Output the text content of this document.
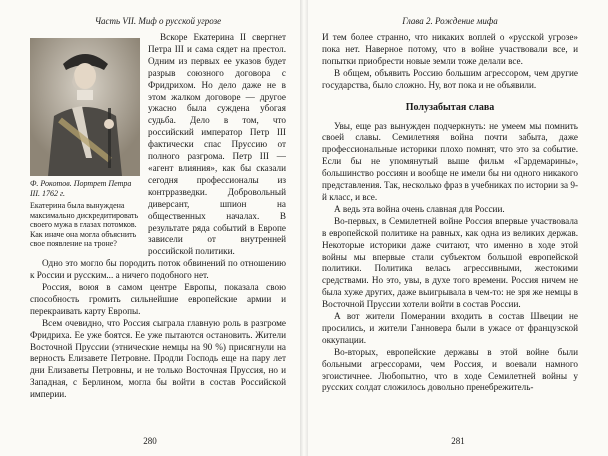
Часть VII. Миф о русской угрозе
Ф. Рокотов. Портрет Петра III. 1762 г.
Екатерина была вынуждена максимально дискредитировать своего мужа в глазах потомков. Как иначе она могла объяснить свое появление на троне?

Вскоре Екатерина II свергнет Петра III и сама сядет на престол. Одним из первых ее указов будет разрыв союзного договора с Фридрихом. Но дело даже не в этом жалком договоре — другое ужасно была суждена убогая судьба. Дело в том, что российский император Петр III фактически спас Пруссию от полного разгрома. Петр III — «агент влияния», как бы сказали сегодня профессионалы из контрразведки. Добровольный диверсант, шпион на общественных началах. В результате ряда событий в Европе зависели от внутренней российской политики.

Одно это могло бы породить поток обвинений по отношению к России и русским... а ничего подобного нет.

Россия, воюя в самом центре Европы, показала свою способность громить сильнейшие европейские армии и перекраивать карту Европы.

Всем очевидно, что Россия сыграла главную роль в разгроме Фридриха. Ее уже боятся. Ее уже пытаются остановить. Жители Восточной Пруссии (этнические немцы на 90 %) присягнули на верность Елизавете Петровне. Продли Господь еще на пару лет дни Елизаветы Петровны, и не только Восточная Пруссия, но и Западная, с Берлином, могла бы войти в состав Российской империи.

280
Глава 2. Рождение мифа

И тем более странно, что никаких воплей о «русской угрозе» пока нет. Наверное потому, что в войне участвовали все, и попытки приобрести новые земли тоже делали все.

В общем, объявить Россию большим агрессором, чем другие государства, было сложно. Ну, вот пока и не объявили.

Полузабытая слава

Увы, еще раз вынужден подчеркнуть: не умеем мы помнить своей славы. Семилетняя война почти забыта, даже профессиональные историки плохо помнят, что это за событие. Если бы не упомянутый выше фильм «Гардемарины», большинство россиян и вообще не имели бы ни одного никакого представления. Так, несколько фраз в учебниках по истории за 9-й класс, и все.

А ведь эта война очень славная для России.

Во-первых, в Семилетней войне Россия впервые участвовала в европейской политике на равных, как одна из великих держав. Некоторые историки даже считают, что именно в ходе этой войны мы впервые стали субъектом большой европейской политики. Политика велась агрессивными, жестокими средствами. Но это, увы, в духе того времени. Россия ничем не была хуже других, даже выигрывала в чем-то: не зря же немцы в Восточной Пруссии хотели войти в состав России.

А вот жители Померании входить в состав Швеции не просились, и жители Ганновера были в ужасе от французской оккупации.

Во-вторых, европейские державы в этой войне были больными агрессорами, чем Россия, и воевали намного эгоистичнее. Любопытно, что в ходе Семилетней войны у русских солдат сложилось довольно пренебрежитель-

281
